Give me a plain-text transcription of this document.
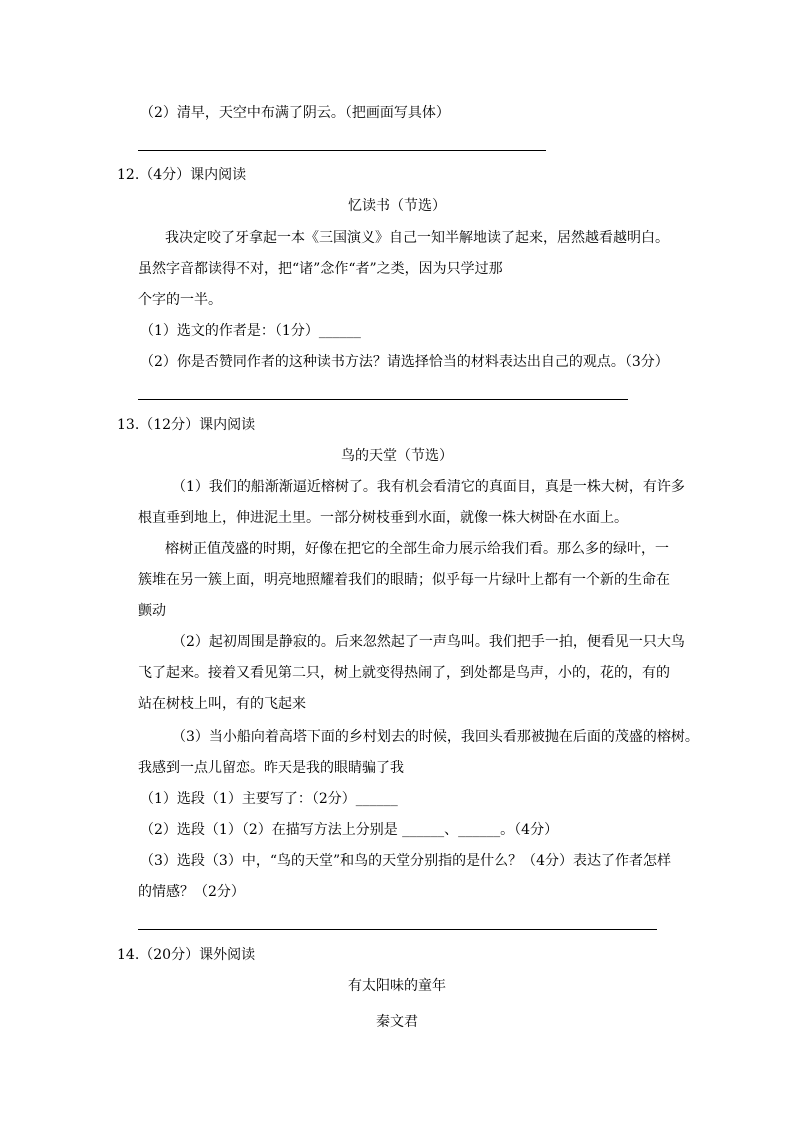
（2）清早，天空中布满了阴云。（把画面写具体）
12.（4分）课内阅读
忆读书（节选）
我决定咬了牙拿起一本《三国演义》自己一知半解地读了起来，居然越看越明白。
虽然字音都读得不对，把“诸”念作“者”之类，因为只学过那
个字的一半。
（1）选文的作者是：（1分）______
（2）你是否赞同作者的这种读书方法？请选择恰当的材料表达出自己的观点。（3分）
13.（12分）课内阅读
鸟的天堂（节选）
（1）我们的船渐渐逼近榕树了。我有机会看清它的真面目，真是一株大树，有许多
根直垂到地上，伸进泥土里。一部分树枝垂到水面，就像一株大树卧在水面上。
榕树正值茂盛的时期，好像在把它的全部生命力展示给我们看。那么多的绿叶，一
簇堆在另一簇上面，明亮地照耀着我们的眼睛；似乎每一片绿叶上都有一个新的生命在
颤动
（2）起初周围是静寂的。后来忽然起了一声鸟叫。我们把手一拍，便看见一只大鸟
飞了起来。接着又看见第二只，树上就变得热闹了，到处都是鸟声，小的，花的，有的
站在树枝上叫，有的飞起来
（3）当小船向着高塔下面的乡村划去的时候，我回头看那被抛在后面的茂盛的榕树。
我感到一点儿留恋。昨天是我的眼睛骗了我
（1）选段（1）主要写了：（2分）______
（2）选段（1）（2）在描写方法上分别是 ______、______。（4分）
（3）选段（3）中，“鸟的天堂”和鸟的天堂分别指的是什么？（4分）表达了作者怎样
的情感？（2分）
14.（20分）课外阅读
有太阳味的童年
秦文君
